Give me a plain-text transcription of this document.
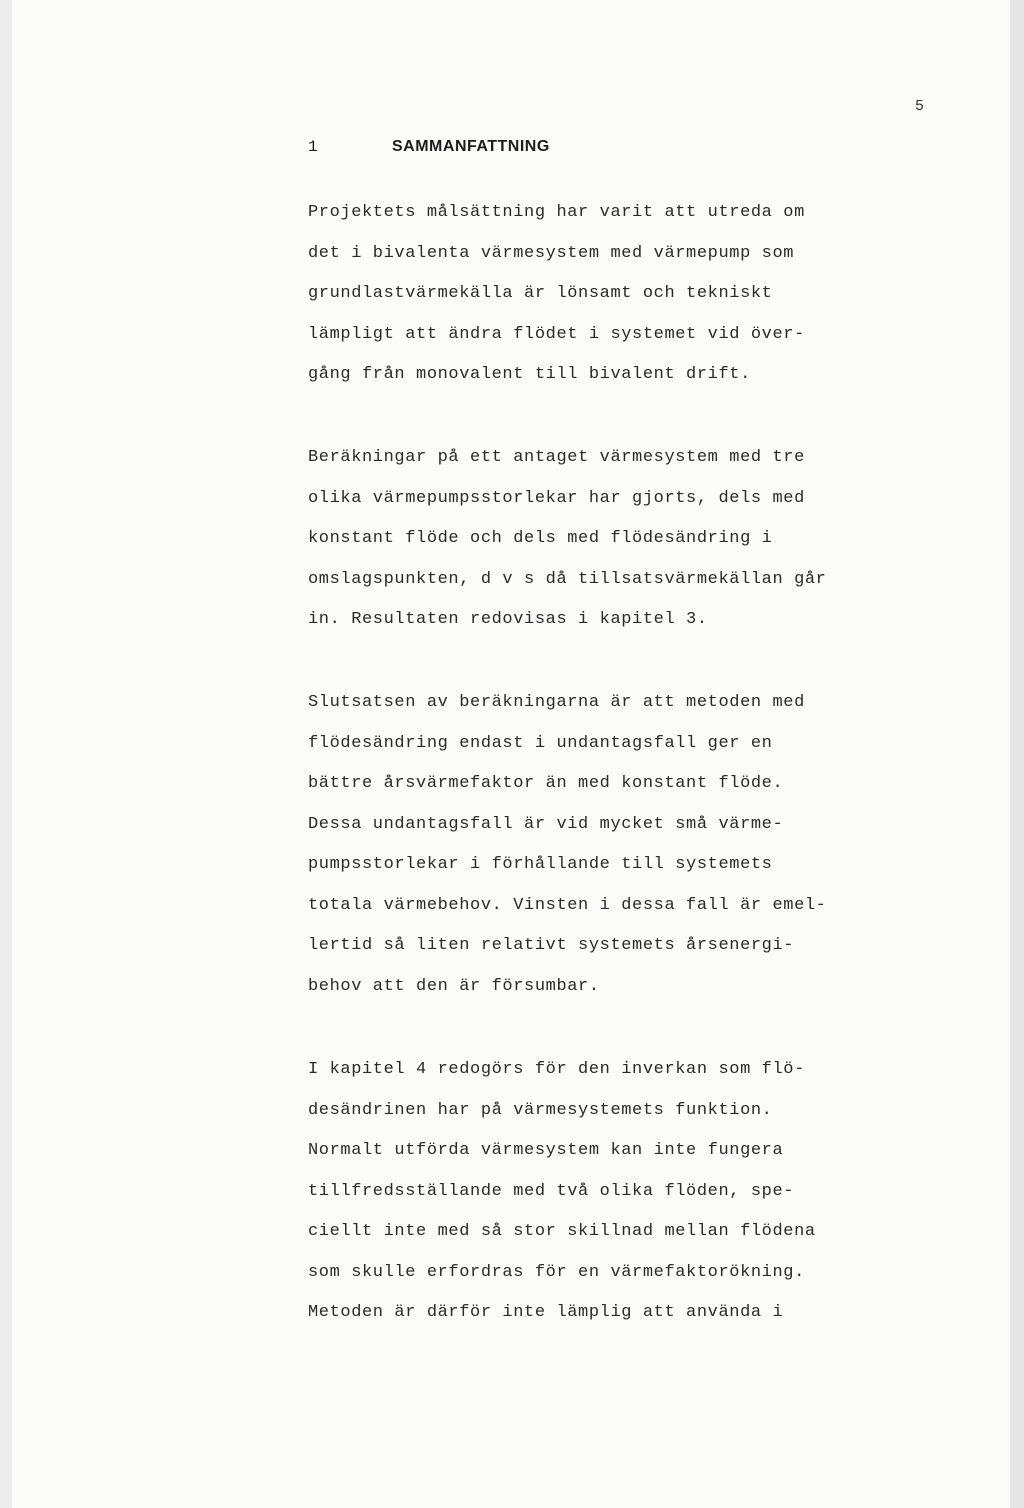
5
1	SAMMANFATTNING
Projektets målsättning har varit att utreda om
det i bivalenta värmesystem med värmepump som
grundlastvärmekälla är lönsamt och tekniskt
lämpligt att ändra flödet i systemet vid över-
gång från monovalent till bivalent drift.
Beräkningar på ett antaget värmesystem med tre
olika värmepumpsstorlekar har gjorts, dels med
konstant flöde och dels med flödesändring i
omslagspunkten, d v s då tillsatsvärmekällan går
in. Resultaten redovisas i kapitel 3.
Slutsatsen av beräkningarna är att metoden med
flödesändring endast i undantagsfall ger en
bättre årsvärmefaktor än med konstant flöde.
Dessa undantagsfall är vid mycket små värme-
pumpsstorlekar i förhållande till systemets
totala värmebehov. Vinsten i dessa fall är emel-
lertid så liten relativt systemets årsenergi-
behov att den är försumbar.
I kapitel 4 redogörs för den inverkan som flö-
desändrinen har på värmesystemets funktion.
Normalt utförda värmesystem kan inte fungera
tillfredsställande med två olika flöden, spe-
ciellt inte med så stor skillnad mellan flödena
som skulle erfordras för en värmefaktorökning.
Metoden är därför inte lämplig att använda i
